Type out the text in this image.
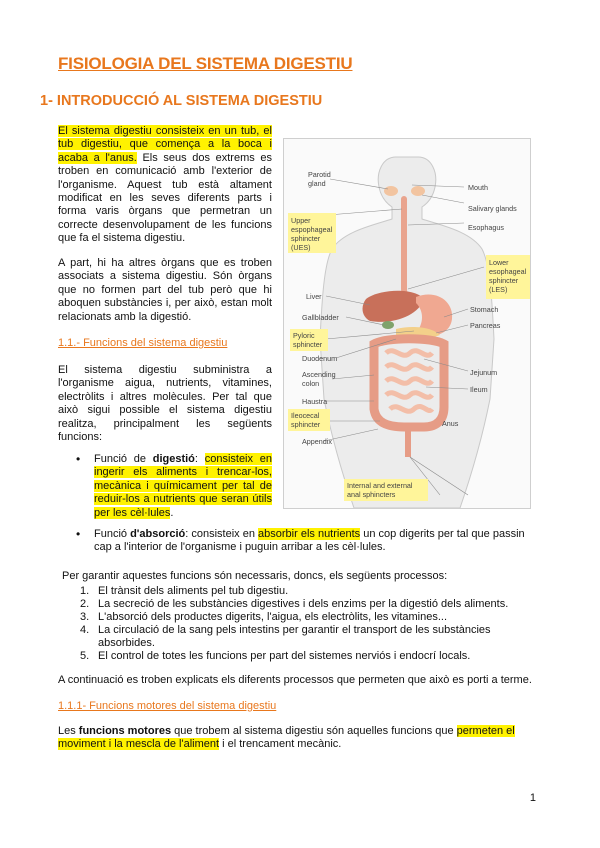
FISIOLOGIA DEL SISTEMA DIGESTIU
1- INTRODUCCIÓ AL SISTEMA DIGESTIU
El sistema digestiu consisteix en un tub, el tub digestiu, que comença a la boca i acaba a l'anus. Els seus dos extrems es troben en comunicació amb l'exterior de l'organisme. Aquest tub està altament modificat en les seves diferents parts i forma varis òrgans que permetran un correcte desenvolupament de les funcions que fa el sistema digestiu.
A part, hi ha altres òrgans que es troben associats a sistema digestiu. Són òrgans que no formen part del tub però que hi aboquen substàncies i, per això, estan molt relacionats amb la digestió.
1.1.- Funcions del sistema digestiu
El sistema digestiu subministra a l'organisme aigua, nutrients, vitamines, electròlits i altres molècules. Per tal que això sigui possible el sistema digestiu realitza, principalment les següents funcions:
• Funció de digestió: consisteix en ingerir els aliments i trencar-los, mecànica i químicament per tal de reduir-los a nutrients que seran útils per les cèl·lules.
• Funció d'absorció: consisteix en absorbir els nutrients un cop digerits per tal que passin cap a l'interior de l'organisme i puguin arribar a les cèl·lules.
Per garantir aquestes funcions són necessaris, doncs, els següents processos:
1. El trànsit dels aliments pel tub digestiu.
2. La secreció de les substàncies digestives i dels enzims per la digestió dels aliments.
3. L'absorció dels productes digerits, l'aigua, els electròlits, les vitamines...
4. La circulació de la sang pels intestins per garantir el transport de les substàncies absorbides.
5. El control de totes les funcions per part del sistemes nerviós i endocrí locals.
A continuació es troben explicats els diferents processos que permeten que això es porti a terme.
1.1.1- Funcions motores del sistema digestiu
Les funcions motores que trobem al sistema digestiu són aquelles funcions que permeten el moviment i la mescla de l'aliment i el trencament mecànic.
1
Parotid
gland	Mouth
Salivary glands
Esophagus
Upper
espophageal
sphincter
(UES)
Lower
esophageal
sphincter
(LES)
Liver
Gallbladder
Pyloric
sphincter
Stomach
Pancreas
Duodenum
Jejunum
Ascending
colon
Ileum
Haustra
Anus
Ileocecal
sphincter
Appendix
Internal and external
anal sphincters
